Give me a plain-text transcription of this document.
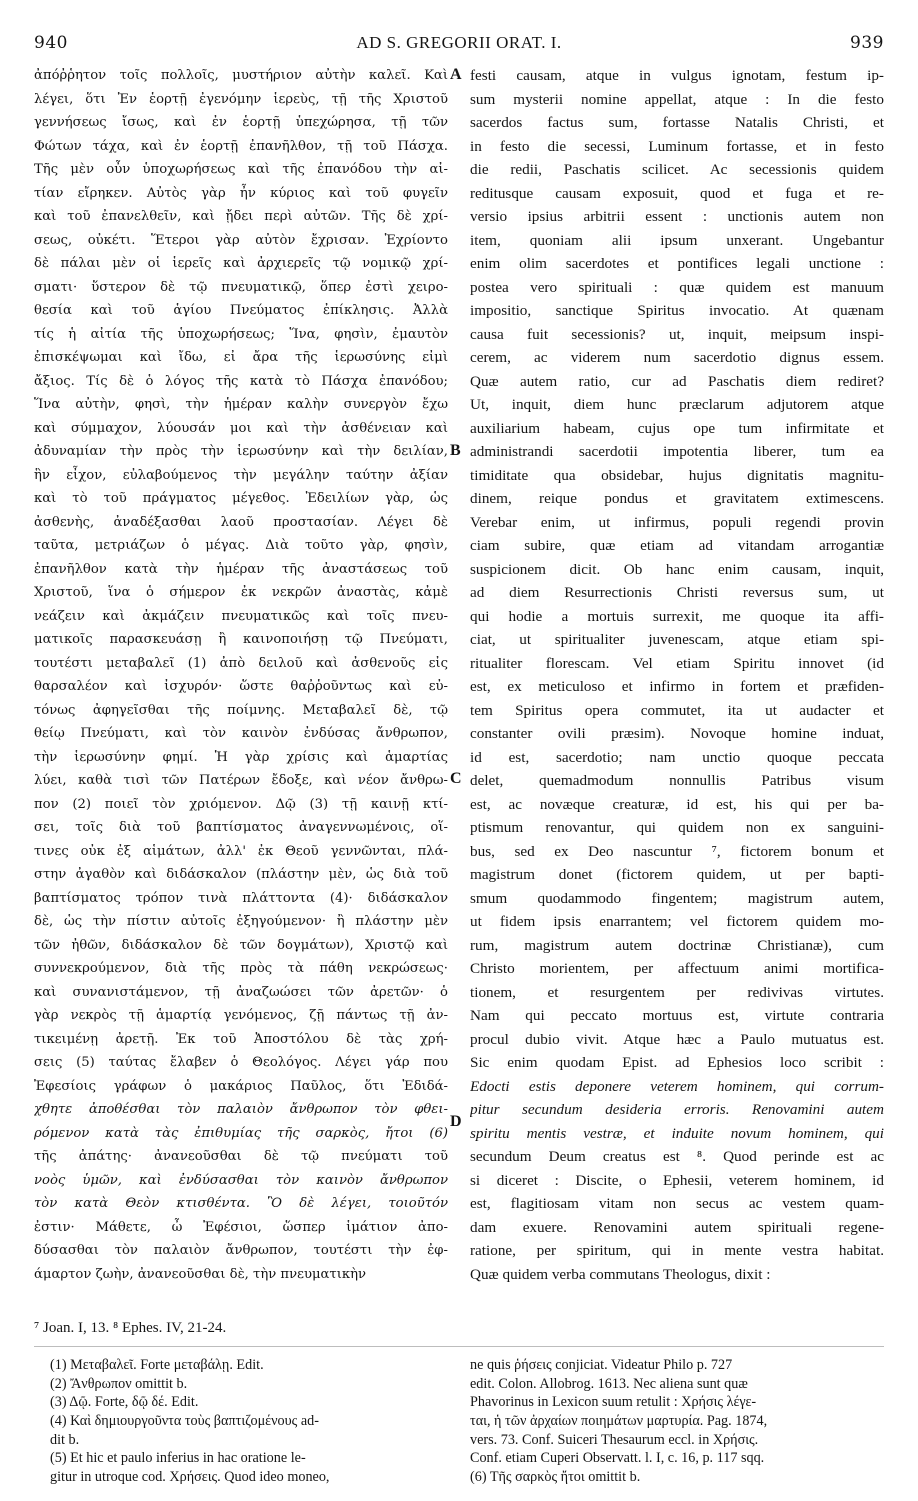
940	AD S. GREGORII ORAT. I.	939
ἀπόῤῥητον τοῖς πολλοῖς, μυστήριον αὐτὴν καλεῖ. Καὶ
λέγει, ὅτι Ἐν ἑορτῇ ἐγενόμην ἱερεὺς, τῇ τῆς Χριστοῦ
γεννήσεως ἴσως, καὶ ἐν ἑορτῇ ὑπεχώρησα, τῇ τῶν
Φώτων τάχα, καὶ ἐν ἑορτῇ ἐπανῆλθον, τῇ τοῦ Πάσχα.
Τῆς μὲν οὖν ὑποχωρήσεως καὶ τῆς ἐπανόδου τὴν αἰ-
τίαν εἴρηκεν. Αὐτὸς γὰρ ἦν κύριος καὶ τοῦ φυγεῖν
καὶ τοῦ ἐπανελθεῖν, καὶ ᾔδει περὶ αὐτῶν. Τῆς δὲ χρί-
σεως, οὐκέτι. Ἕτεροι γὰρ αὐτὸν ἔχρισαν. Ἐχρίοντο
δὲ πάλαι μὲν οἱ ἱερεῖς καὶ ἀρχιερεῖς τῷ νομικῷ χρί-
σματι· ὕστερον δὲ τῷ πνευματικῷ, ὅπερ ἐστὶ χειρο-
θεσία καὶ τοῦ ἁγίου Πνεύματος ἐπίκλησις. Ἀλλὰ
τίς ἡ αἰτία τῆς ὑποχωρήσεως; Ἵνα, φησὶν, ἐμαυτὸν
ἐπισκέψωμαι καὶ ἴδω, εἰ ἄρα τῆς ἱερωσύνης εἰμὶ
ἄξιος. Τίς δὲ ὁ λόγος τῆς κατὰ τὸ Πάσχα ἐπανόδου;
Ἵνα αὐτὴν, φησὶ, τὴν ἡμέραν καλὴν συνεργὸν ἔχω
καὶ σύμμαχον, λύουσάν μοι καὶ τὴν ἀσθένειαν καὶ
ἀδυναμίαν τὴν πρὸς τὴν ἱερωσύνην καὶ τὴν δειλίαν,
ἣν εἶχον, εὐλαβούμενος τὴν μεγάλην ταύτην ἀξίαν
καὶ τὸ τοῦ πράγματος μέγεθος. Ἐδειλίων γὰρ, ὡς
ἀσθενὴς, ἀναδέξασθαι λαοῦ προστασίαν. Λέγει δὲ
ταῦτα, μετριάζων ὁ μέγας. Διὰ τοῦτο γὰρ, φησὶν,
ἐπανῆλθον κατὰ τὴν ἡμέραν τῆς ἀναστάσεως τοῦ
Χριστοῦ, ἵνα ὁ σήμερον ἐκ νεκρῶν ἀναστὰς, κἀμὲ
νεάζειν καὶ ἀκμάζειν πνευματικῶς καὶ τοῖς πνευ-
ματικοῖς παρασκευάσῃ ἢ καινοποιήσῃ τῷ Πνεύματι,
τουτέστι μεταβαλεῖ (1) ἀπὸ δειλοῦ καὶ ἀσθενοῦς εἰς
θαρσαλέον καὶ ἰσχυρόν· ὥστε θαῤῥοῦντως καὶ εὐ-
τόνως ἀφηγεῖσθαι τῆς ποίμνης. Μεταβαλεῖ δὲ, τῷ
θείῳ Πνεύματι, καὶ τὸν καινὸν ἐνδύσας ἄνθρωπον,
τὴν ἱερωσύνην φημί. Ἡ γὰρ χρίσις καὶ ἁμαρτίας
λύει, καθὰ τισὶ τῶν Πατέρων ἔδοξε, καὶ νέον ἄνθρω-
πον (2) ποιεῖ τὸν χριόμενον. Δῷ (3) τῇ καινῇ κτί-
σει, τοῖς διὰ τοῦ βαπτίσματος ἀναγεννωμένοις, οἵ-
τινες οὐκ ἐξ αἱμάτων, ἀλλ' ἐκ Θεοῦ γεννῶνται, πλά-
στην ἀγαθὸν καὶ διδάσκαλον (πλάστην μὲν, ὡς διὰ τοῦ
βαπτίσματος τρόπον τινὰ πλάττοντα (4)· διδάσκαλον
δὲ, ὡς τὴν πίστιν αὐτοῖς ἐξηγούμενον· ἢ πλάστην μὲν
τῶν ἠθῶν, διδάσκαλον δὲ τῶν δογμάτων), Χριστῷ καὶ
συννεκρούμενον, διὰ τῆς πρὸς τὰ πάθη νεκρώσεως·
καὶ συνανιστάμενον, τῇ ἀναζωώσει τῶν ἀρετῶν· ὁ
γὰρ νεκρὸς τῇ ἁμαρτίᾳ γενόμενος, ζῇ πάντως τῇ ἀν-
τικειμένῃ ἀρετῇ. Ἐκ τοῦ Ἀποστόλου δὲ τὰς χρή-
σεις (5) ταύτας ἔλαβεν ὁ Θεολόγος. Λέγει γάρ που
Ἐφεσίοις γράφων ὁ μακάριος Παῦλος, ὅτι Ἐδιδά-
χθητε ἀποθέσθαι τὸν παλαιὸν ἄνθρωπον τὸν φθει-
ρόμενον κατὰ τὰς ἐπιθυμίας τῆς σαρκὸς, ἤτοι (6)
τῆς ἀπάτης· ἀνανεοῦσθαι δὲ τῷ πνεύματι τοῦ
νοὸς ὑμῶν, καὶ ἐνδύσασθαι τὸν καινὸν ἄνθρωπον
τὸν κατὰ Θεὸν κτισθέντα. Ὃ δὲ λέγει, τοιοῦτόν
ἐστιν· Μάθετε, ὦ Ἐφέσιοι, ὥσπερ ἱμάτιον ἀπο-
δύσασθαι τὸν παλαιὸν ἄνθρωπον, τουτέστι τὴν ἐφ-
άμαρτον ζωὴν, ἀνανεοῦσθαι δὲ, τὴν πνευματικὴν
festi causam, atque in vulgus ignotam, festum ip-
sum mysterii nomine appellat, atque : In die festo
sacerdos factus sum, fortasse Natalis Christi, et
in festo die secessi, Luminum fortasse, et in festo
die redii, Paschatis scilicet. Ac secessionis quidem
reditusque causam exposuit, quod et fuga et re-
versio ipsius arbitrii essent : unctionis autem non
item, quoniam alii ipsum unxerant. Ungebantur
enim olim sacerdotes et pontifices legali unctione :
postea vero spirituali : quæ quidem est manuum
impositio, sanctique Spiritus invocatio. At quænam
causa fuit secessionis? ut, inquit, meipsum inspi-
cerem, ac viderem num sacerdotio dignus essem.
Quæ autem ratio, cur ad Paschatis diem rediret?
Ut, inquit, diem hunc præclarum adjutorem atque
auxiliarium habeam, cujus ope tum infirmitate et
administrandi sacerdotii impotentia liberer, tum ea
timiditate qua obsidebar, hujus dignitatis magnitu-
dinem, reique pondus et gravitatem extimescens.
Verebar enim, ut infirmus, populi regendi provin
ciam subire, quæ etiam ad vitandam arrogantiæ
suspicionem dicit. Ob hanc enim causam, inquit,
ad diem Resurrectionis Christi reversus sum, ut
qui hodie a mortuis surrexit, me quoque ita affi-
ciat, ut spiritualiter juvenescam, atque etiam spi-
ritualiter florescam. Vel etiam Spiritu innovet (id
est, ex meticuloso et infirmo in fortem et præfiden-
tem Spiritus opera commutet, ita ut audacter et
constanter ovili præsim). Novoque homine induat,
id est, sacerdotio; nam unctio quoque peccata
delet, quemadmodum nonnullis Patribus visum
est, ac novæque creaturæ, id est, his qui per ba-
ptismum renovantur, qui quidem non ex sanguini-
bus, sed ex Deo nascuntur ⁷, fictorem bonum et
magistrum donet (fictorem quidem, ut per bapti-
smum quodammodo fingentem; magistrum autem,
ut fidem ipsis enarrantem; vel fictorem quidem mo-
rum, magistrum autem doctrinæ Christianæ), cum
Christo morientem, per affectuum animi mortifica-
tionem, et resurgentem per redivivas virtutes.
Nam qui peccato mortuus est, virtute contraria
procul dubio vivit. Atque hæc a Paulo mutuatus est.
Sic enim quodam Epist. ad Ephesios loco scribit :
Edocti estis deponere veterem hominem, qui corrum-
pitur secundum desideria erroris. Renovamini autem
spiritu mentis vestræ, et induite novum hominem, qui
secundum Deum creatus est ⁸. Quod perinde est ac
si diceret : Discite, o Ephesii, veterem hominem, id
est, flagitiosam vitam non secus ac vestem quam-
dam exuere. Renovamini autem spirituali regene-
ratione, per spiritum, qui in mente vestra habitat.
Quæ quidem verba commutans Theologus, dixit :
A
B
C
D
⁷ Joan. I, 13. ⁸ Ephes. IV, 21-24.
(1) Μεταβαλεῖ. Forte μεταβάλῃ. Edit.
(2) Ἄνθρωπον omittit b.
(3) Δῷ. Forte, δῷ δέ. Edit.
(4) Καὶ δημιουργοῦντα τοὺς βαπτιζομένους ad-
dit b.
(5) Et hic et paulo inferius in hac oratione le-
gitur in utroque cod. Χρήσεις. Quod ideo moneo,
ne quis ῥήσεις conjiciat. Videatur Philo p. 727
edit. Colon. Allobrog. 1613. Nec aliena sunt quæ
Phavorinus in Lexicon suum retulit : Χρήσις λέγε-
ται, ἡ τῶν ἀρχαίων ποιημάτων μαρτυρία. Pag. 1874,
vers. 73. Conf. Suiceri Thesaurum eccl. in Χρήσις.
Conf. etiam Cuperi Observatt. l. I, c. 16, p. 117 sqq.
(6) Τῆς σαρκὸς ἤτοι omittit b.
